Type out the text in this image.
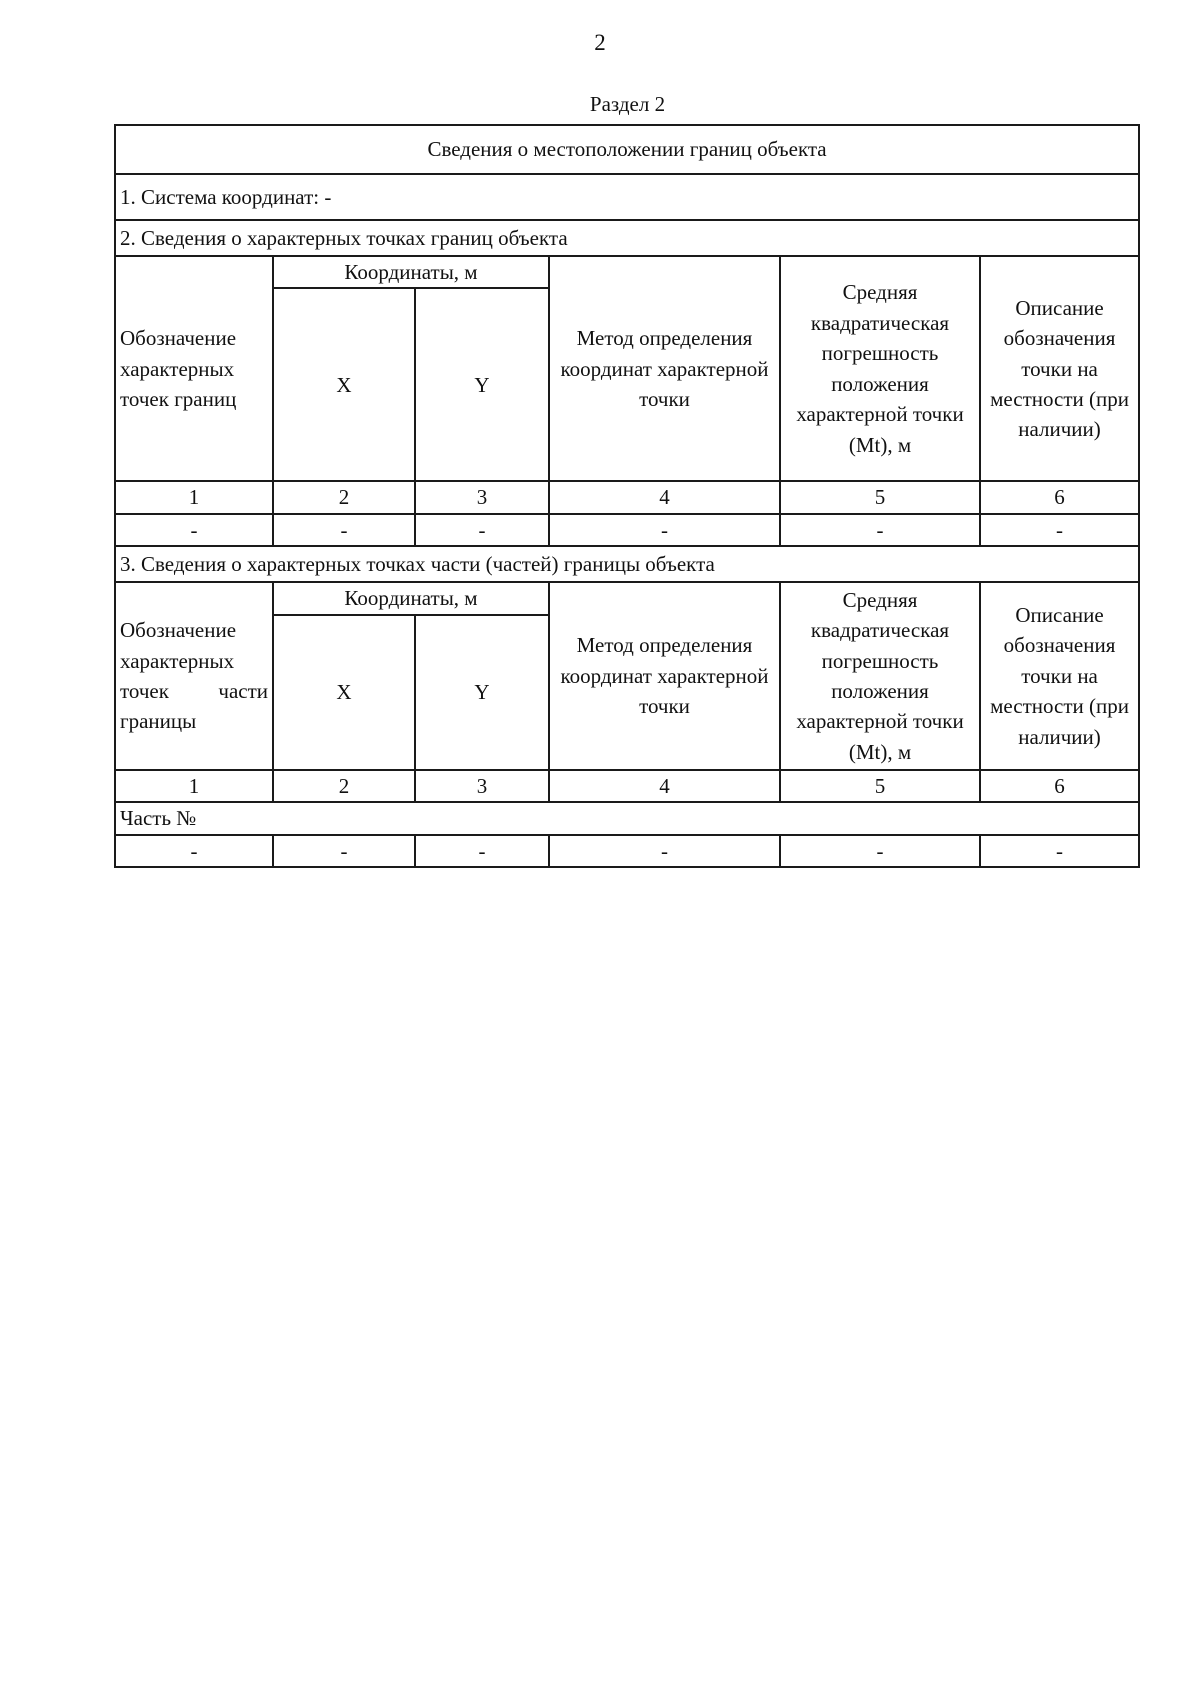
2
Раздел 2
Сведения о местоположении границ объекта					
1. Система координат: -					
2. Сведения о характерных точках границ объекта					
Обозначение характерных точек границ	Координаты, м		Метод определения координат характерной точки	Средняя квадратическая погрешность положения характерной точки (Mt), м	Описание обозначения точки на местности (при наличии)
	X	Y			
1	2	3	4	5	6
-	-	-	-	-	-
3. Сведения о характерных точках части (частей) границы объекта					
Обозначение характерных точек части границы	Координаты, м		Метод определения координат характерной точки	Средняя квадратическая погрешность положения характерной точки (Mt), м	Описание обозначения точки на местности (при наличии)
	X	Y			
1	2	3	4	5	6
Часть №					
-	-	-	-	-	-
